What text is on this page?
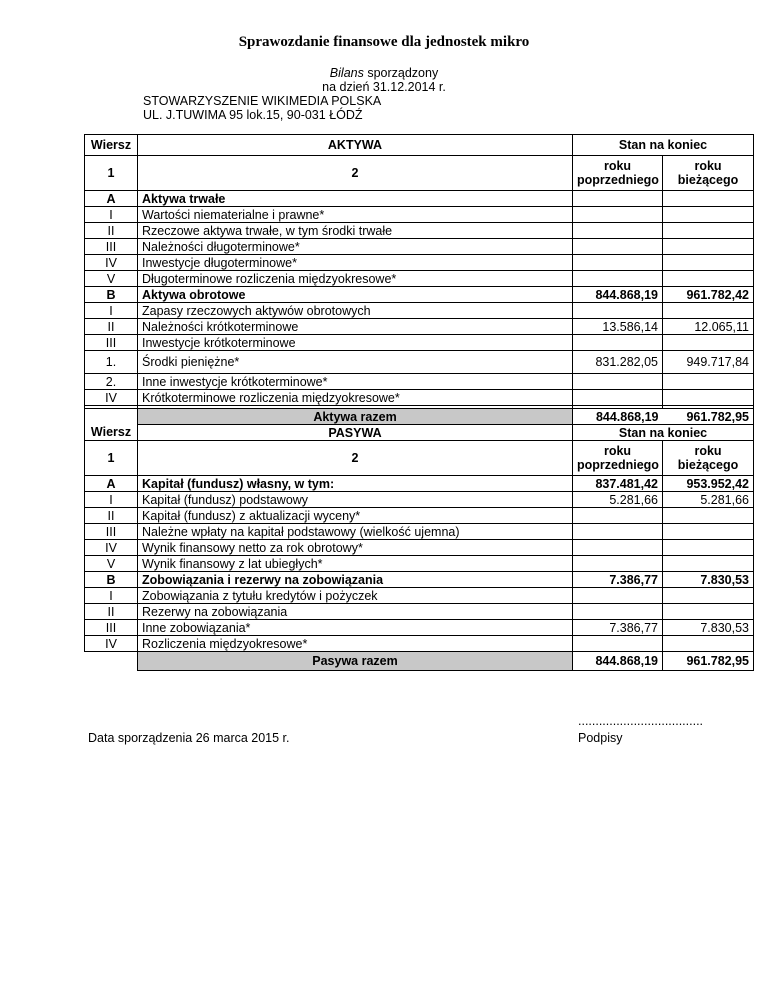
Sprawozdanie finansowe dla jednostek mikro
Bilans sporządzony
na dzień 31.12.2014 r.
STOWARZYSZENIE WIKIMEDIA POLSKA
UL. J.TUWIMA 95 lok.15, 90-031 ŁÓDŹ
Wiersz	AKTYWA	Stan na koniec	
1	2	roku poprzedniego	roku bieżącego
A	Aktywa trwałe		
I	Wartości niematerialne i prawne*		
II	Rzeczowe aktywa trwałe, w tym środki trwałe		
III	Należności długoterminowe*		
IV	Inwestycje długoterminowe*		
V	Długoterminowe rozliczenia międzyokresowe*		
B	Aktywa obrotowe	844.868,19	961.782,42
I	Zapasy rzeczowych aktywów obrotowych		
II	Należności krótkoterminowe	13.586,14	12.065,11
III	Inwestycje krótkoterminowe		
1.	Środki pieniężne*	831.282,05	949.717,84
2.	Inne inwestycje krótkoterminowe*		
IV	Krótkoterminowe rozliczenia międzyokresowe*		

	Aktywa razem	844.868,19	961.782,95
Wiersz	PASYWA	Stan na koniec	
1	2	roku poprzedniego	roku bieżącego
A	Kapitał (fundusz) własny, w tym:	837.481,42	953.952,42
I	Kapitał (fundusz) podstawowy	5.281,66	5.281,66
II	Kapitał (fundusz) z aktualizacji wyceny*		
III	Należne wpłaty na kapitał podstawowy (wielkość ujemna)		
IV	Wynik finansowy netto za rok obrotowy*		
V	Wynik finansowy z lat ubiegłych*		
B	Zobowiązania i rezerwy na zobowiązania	7.386,77	7.830,53
I	Zobowiązania z tytułu kredytów i pożyczek		
II	Rezerwy na zobowiązania		
III	Inne zobowiązania*	7.386,77	7.830,53
IV	Rozliczenia międzyokresowe*		
	Pasywa razem	844.868,19	961.782,95
Data sporządzenia 26 marca 2015 r.
....................................
Podpisy
